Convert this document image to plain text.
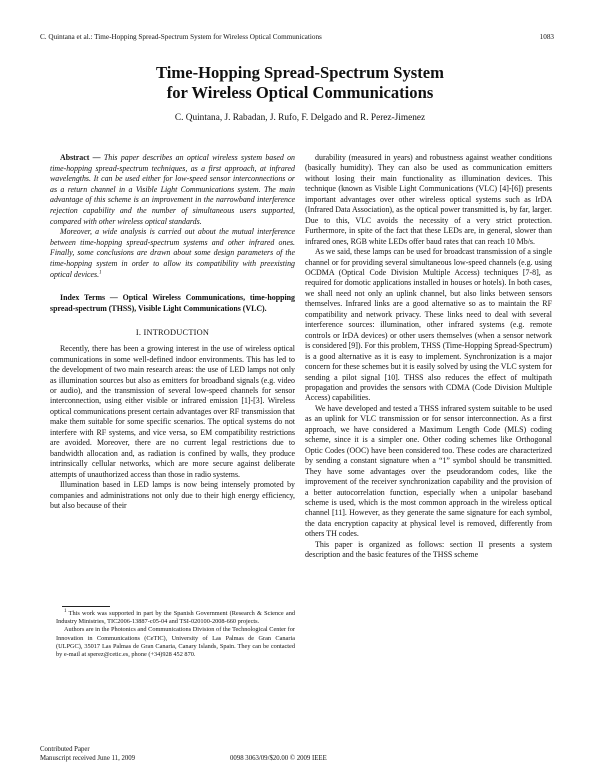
C. Quintana et al.: Time-Hopping Spread-Spectrum System for Wireless Optical Communications	1083
Time-Hopping Spread-Spectrum System
for Wireless Optical Communications
C. Quintana, J. Rabadan, J. Rufo, F. Delgado and R. Perez-Jimenez

Abstract — This paper describes an optical wireless system based on time-hopping spread-spectrum techniques, as a first approach, at infrared wavelengths. It can be used either for low-speed sensor interconnections or as a return channel in a Visible Light Communications system. The main advantage of this scheme is an improvement in the narrowband interference rejection capability and the number of simultaneous users supported, compared with other wireless optical standards.

Moreover, a wide analysis is carried out about the mutual interference between time-hopping spread-spectrum systems and other infrared ones. Finally, some conclusions are drawn about some design parameters of the time-hopping system in order to allow its compatibility with preexisting optical devices.$^1$

Index Terms — Optical Wireless Communications, time-hopping spread-spectrum (THSS), Visible Light Communications (VLC).

I. INTRODUCTION

Recently, there has been a growing interest in the use of wireless optical communications in some well-defined indoor environments. This has led to the development of two main research areas: the use of LED lamps not only as illumination sources but also as emitters for broadband signals (e.g. video or audio), and the transmission of several low-speed channels for sensor interconnection, using either visible or infrared emission [1]-[3]. Wireless optical communications present certain advantages over RF transmission that make them suitable for some specific scenarios. The optical systems do not interfere with RF systems, and vice versa, so EM compatibility restrictions are avoided. Moreover, there are no current legal restrictions due to bandwidth allocation and, as radiation is confined by walls, they produce intrinsically cellular networks, which are more secure against deliberate attempts of unauthorized access than those in radio systems.

Illumination based in LED lamps is now being intensely promoted by companies and administrations not only due to their high energy efficiency, but also because of their

durability (measured in years) and robustness against weather conditions (basically humidity). They can also be used as communication emitters without losing their main functionality as illumination devices. This technique (known as Visible Light Communications (VLC) [4]-[6]) presents important advantages over other wireless optical systems such as IrDA (Infrared Data Association), as the optical power transmitted is, by far, larger. Due to this, VLC avoids the necessity of a very strict protection. Furthermore, in spite of the fact that these LEDs are, in general, slower than infrared ones, RGB white LEDs offer baud rates that can reach 10 Mb/s.

As we said, these lamps can be used for broadcast transmission of a single channel or for providing several simultaneous low-speed channels (e.g. using OCDMA (Optical Code Division Multiple Access) techniques [7-8], as required for domotic applications installed in houses or hotels). In both cases, we shall need not only an uplink channel, but also links between sensors themselves. Infrared links are a good alternative so as to maintain the RF compatibility and network privacy. These links need to deal with several interference sources: illumination, other infrared systems (e.g. remote controls or IrDA devices) or other users themselves (when a sensor network is considered [9]). For this problem, THSS (Time-Hopping Spread-Spectrum) is a good alternative as it is easy to implement. Synchronization is a major concern for these schemes but it is easily solved by using the VLC system for sending a pilot signal [10]. THSS also reduces the effect of multipath propagation and provides the sensors with CDMA (Code Division Multiple Access) capabilities.

We have developed and tested a THSS infrared system suitable to be used as an uplink for VLC transmission or for sensor interconnection. As a first approach, we have considered a Maximum Length Code (MLS) coding scheme, since it is a simpler one. Other coding schemes like Orthogonal Optic Codes (OOC) have been considered too. These codes are characterized by sending a constant signature when a “1” symbol should be transmitted. They have some advantages over the pseudorandom codes, like the improvement of the receiver synchronization capability and the provision of a better autocorrelation function, especially when a unipolar baseband scheme is used, which is the most common approach in the wireless optical channel [11]. However, as they generate the same signature for each symbol, the data encryption capacity at physical level is removed, differently from others TH codes.

This paper is organized as follows: section II presents a system description and the basic features of the THSS scheme

$^1$ This work was supported in part by the Spanish Government (Research & Science and Industry Ministries, TIC2006-13887-c05-04 and TSI-020100-2008-660 projects.

Authors are in the Photonics and Communications Division of the Technological Center for Innovation in Communications (CeTIC), University of Las Palmas de Gran Canaria (ULPGC), 35017 Las Palmas de Gran Canaria, Canary Islands, Spain. They can be contacted by e-mail at sperez@cetic.es, phone (+34)928 452 870.

Contributed Paper
Manuscript received June 11, 2009	0098 3063/09/$20.00 © 2009 IEEE
